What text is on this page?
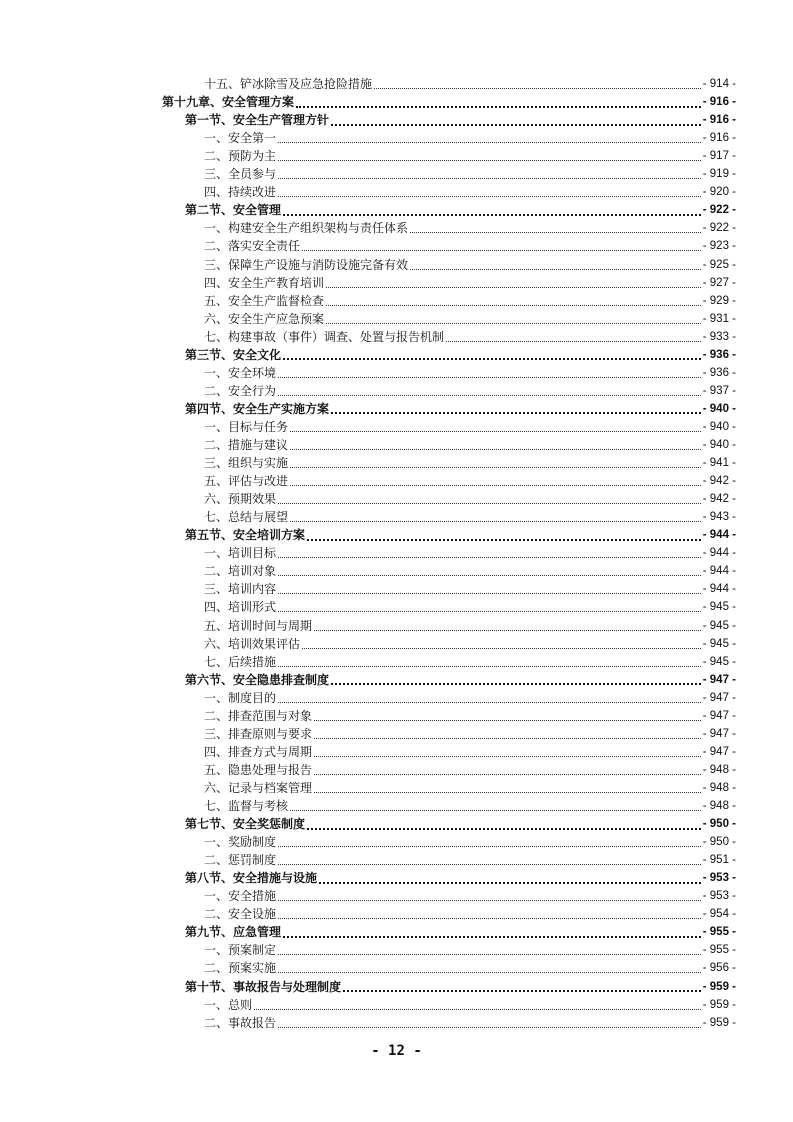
十五、铲冰除雪及应急抢险措施	- 914 -
第十九章、安全管理方案	- 916 -
第一节、安全生产管理方针	- 916 -
一、安全第一	- 916 -
二、预防为主	- 917 -
三、全员参与	- 919 -
四、持续改进	- 920 -
第二节、安全管理	- 922 -
一、构建安全生产组织架构与责任体系	- 922 -
二、落实安全责任	- 923 -
三、保障生产设施与消防设施完备有效	- 925 -
四、安全生产教育培训	- 927 -
五、安全生产监督检查	- 929 -
六、安全生产应急预案	- 931 -
七、构建事故（事件）调查、处置与报告机制	- 933 -
第三节、安全文化	- 936 -
一、安全环境	- 936 -
二、安全行为	- 937 -
第四节、安全生产实施方案	- 940 -
一、目标与任务	- 940 -
二、措施与建议	- 940 -
三、组织与实施	- 941 -
五、评估与改进	- 942 -
六、预期效果	- 942 -
七、总结与展望	- 943 -
第五节、安全培训方案	- 944 -
一、培训目标	- 944 -
二、培训对象	- 944 -
三、培训内容	- 944 -
四、培训形式	- 945 -
五、培训时间与周期	- 945 -
六、培训效果评估	- 945 -
七、后续措施	- 945 -
第六节、安全隐患排查制度	- 947 -
一、制度目的	- 947 -
二、排查范围与对象	- 947 -
三、排查原则与要求	- 947 -
四、排查方式与周期	- 947 -
五、隐患处理与报告	- 948 -
六、记录与档案管理	- 948 -
七、监督与考核	- 948 -
第七节、安全奖惩制度	- 950 -
一、奖励制度	- 950 -
二、惩罚制度	- 951 -
第八节、安全措施与设施	- 953 -
一、安全措施	- 953 -
二、安全设施	- 954 -
第九节、应急管理	- 955 -
一、预案制定	- 955 -
二、预案实施	- 956 -
第十节、事故报告与处理制度	- 959 -
一、总则	- 959 -
二、事故报告	- 959 -
- 12 -
